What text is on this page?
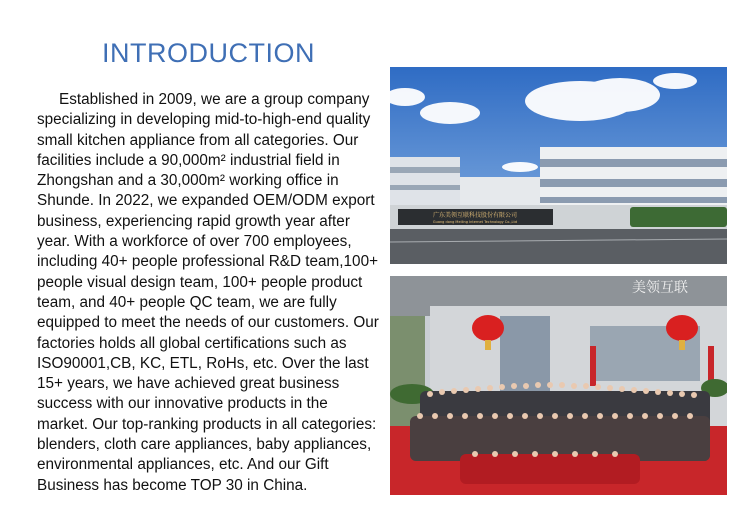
INTRODUCTION
Established in 2009, we are a group company specializing in developing mid-to-high-end quality small kitchen appliance from all categories. Our facilities include a 90,000m² industrial field in Zhongshan and a 30,000m² working office in Shunde. In 2022, we expanded OEM/ODM export business, experiencing rapid growth year after year. With a workforce of over 700 employees, including 40+ people professional R&D team,100+ people visual design team, 100+ people product team, and 40+ people QC team, we are fully equipped to meet the needs of our customers. Our factories holds all global certifications such as ISO90001,CB, KC, ETL, RoHs, etc. Over the last 15+ years, we have achieved great business success with our innovative products in the market. Our top-ranking products in all categories: blenders, cloth care appliances, baby appliances, environmental appliances, etc. And our Gift Business has become TOP 30 in China.
广东美领互联科技股份有限公司
Guang dong Meiling Internet Technology Co.,Ltd
美领互联
